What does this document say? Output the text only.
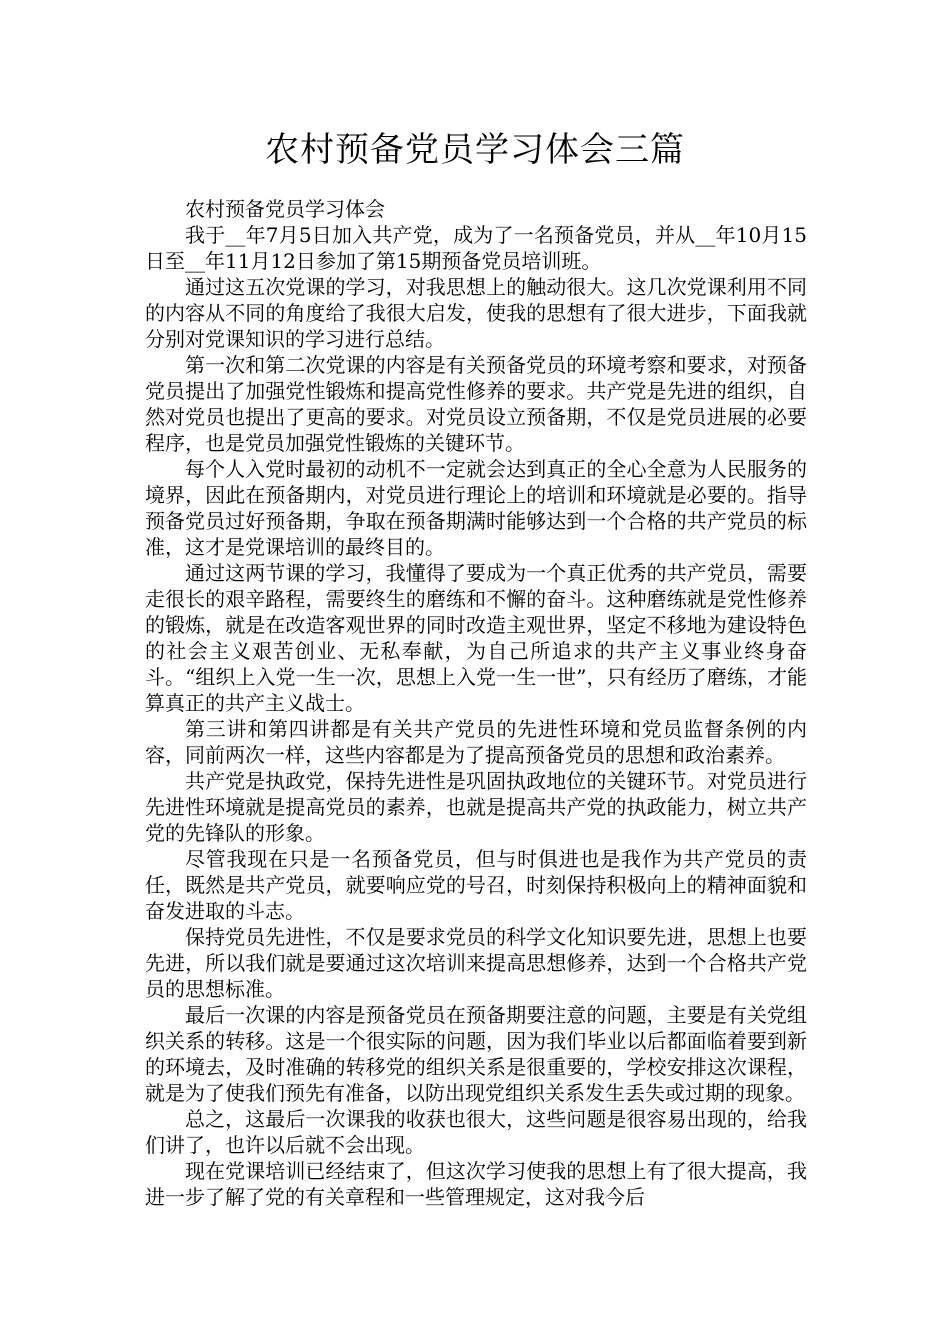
农村预备党员学习体会三篇

农村预备党员学习体会

我于__年7月5日加入共产党，成为了一名预备党员，并从__年10月15日至__年11月12日参加了第15期预备党员培训班。

通过这五次党课的学习，对我思想上的触动很大。这几次党课利用不同的内容从不同的角度给了我很大启发，使我的思想有了很大进步，下面我就分别对党课知识的学习进行总结。

第一次和第二次党课的内容是有关预备党员的环境考察和要求，对预备党员提出了加强党性锻炼和提高党性修养的要求。共产党是先进的组织，自然对党员也提出了更高的要求。对党员设立预备期，不仅是党员进展的必要程序，也是党员加强党性锻炼的关键环节。

每个人入党时最初的动机不一定就会达到真正的全心全意为人民服务的境界，因此在预备期内，对党员进行理论上的培训和环境就是必要的。指导预备党员过好预备期，争取在预备期满时能够达到一个合格的共产党员的标准，这才是党课培训的最终目的。

通过这两节课的学习，我懂得了要成为一个真正优秀的共产党员，需要走很长的艰辛路程，需要终生的磨练和不懈的奋斗。这种磨练就是党性修养的锻炼，就是在改造客观世界的同时改造主观世界，坚定不移地为建设特色的社会主义艰苦创业、无私奉献，为自己所追求的共产主义事业终身奋斗。“组织上入党一生一次，思想上入党一生一世”，只有经历了磨练，才能算真正的共产主义战士。

第三讲和第四讲都是有关共产党员的先进性环境和党员监督条例的内容，同前两次一样，这些内容都是为了提高预备党员的思想和政治素养。

共产党是执政党，保持先进性是巩固执政地位的关键环节。对党员进行先进性环境就是提高党员的素养，也就是提高共产党的执政能力，树立共产党的先锋队的形象。

尽管我现在只是一名预备党员，但与时俱进也是我作为共产党员的责任，既然是共产党员，就要响应党的号召，时刻保持积极向上的精神面貌和奋发进取的斗志。

保持党员先进性，不仅是要求党员的科学文化知识要先进，思想上也要先进，所以我们就是要通过这次培训来提高思想修养，达到一个合格共产党员的思想标准。

最后一次课的内容是预备党员在预备期要注意的问题，主要是有关党组织关系的转移。这是一个很实际的问题，因为我们毕业以后都面临着要到新的环境去，及时准确的转移党的组织关系是很重要的，学校安排这次课程，就是为了使我们预先有准备，以防出现党组织关系发生丢失或过期的现象。

总之，这最后一次课我的收获也很大，这些问题是很容易出现的，给我们讲了，也许以后就不会出现。

现在党课培训已经结束了，但这次学习使我的思想上有了很大提高，我进一步了解了党的有关章程和一些管理规定，这对我今后
